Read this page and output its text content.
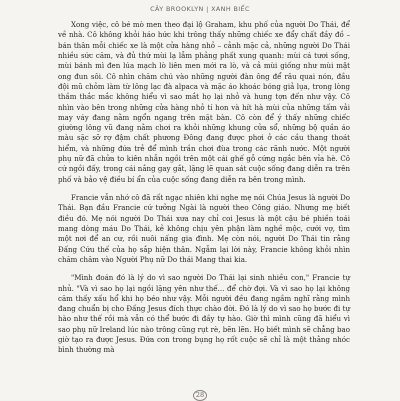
CÂY BROOKLYN | XANH BIẾC

Xong việc, cô bé mò men theo đại lộ Graham, khu phố của người Do Thái, để về nhà. Cô không khỏi háo hức khi trông thấy những chiếc xe đẩy chất đầy đồ – bán thân mỗi chiếc xe là một cửa hàng nhỏ – cảnh mặc cả, những người Do Thái nhiều sức căm, và đủ thứ mùi lạ lẫm phảng phất xung quanh: mùi cá tươi sống, mùi bánh mì đen lúa mạch lò liên men mới ra lò, và cả mùi giống như mùi mật ong đun sôi. Cô nhìn chăm chú vào những người đàn ông để râu quai nón, đầu đội mũ chỏm làm từ lông lạc đà alpaca và mặc áo khoác bóng giả lụa, trong lòng thầm thắc mắc không hiểu vì sao mắt họ lại nhỏ và hung tợn đến như vậy. Cô nhìn vào bên trong những cửa hàng nhỏ tí hon và hít hà mùi của những tấm vải may váy đang nằm ngổn ngang trên mặt bàn. Cô còn để ý thấy những chiếc giường lông vũ đang nằm chơi ra khỏi những khung cửa sổ, những bộ quần áo màu sặc sỡ rợ đậm chất phương Đông đang được phơi ở các cầu thang thoát hiểm, và những đứa trẻ để mình trần chơi đùa trong các rãnh nước. Một người phụ nữ đã chửa to kiên nhẫn ngồi trên một cái ghế gỗ cứng ngắc bên vỉa hè. Cô cứ ngồi đấy, trong cái nắng gay gắt, lặng lẽ quan sát cuộc sống đang diễn ra trên phố và bảo vệ điều bí ẩn của cuộc sống đang diễn ra bên trong mình.

Francie vẫn nhớ cô đã rất ngạc nhiên khi nghe mẹ nói Chúa Jesus là người Do Thái. Bạn đầu Francie cứ tưởng Ngài là người theo Công giáo. Nhưng mẹ biết điều đó. Mẹ nói người Do Thái xưa nay chỉ coi Jesus là một cậu bé phiền toái mang dòng máu Do Thái, kẻ không chịu yên phận làm nghề mộc, cưới vợ, tìm một nơi để an cư, rồi nuôi nấng gia đình. Mẹ còn nói, người Do Thái tin rằng Đấng Cứu thế của họ sắp hiện thân. Ngẫm lại lời này, Francie không khỏi nhìn chăm chăm vào Người Phụ nữ Do thái Mang thai kia.

"Mình đoán đó là lý do vì sao người Do Thái lại sinh nhiều con," Francie tự nhủ. "Và vì sao họ lại ngồi lặng yên như thế... để chờ đợi. Và vì sao họ lại không căm thấy xấu hổ khi họ béo như vậy. Mỗi người đều đang ngầm nghĩ rằng mình đang chuẩn bị cho Đấng Jesus đích thực chào đời. Đó là lý do vì sao họ bước đi tự hào như thế rồi mà vẫn có thể bước đi đầy tự hào. Giờ thì mình cũng đã hiểu vì sao phụ nữ Ireland lúc nào trông cũng rụt rè, bẽn lẽn. Họ biết mình sẽ chẳng bao giờ tạo ra được Jesus. Đứa con trong bụng họ rốt cuộc sẽ chỉ là một thằng nhóc bình thường mà

28
